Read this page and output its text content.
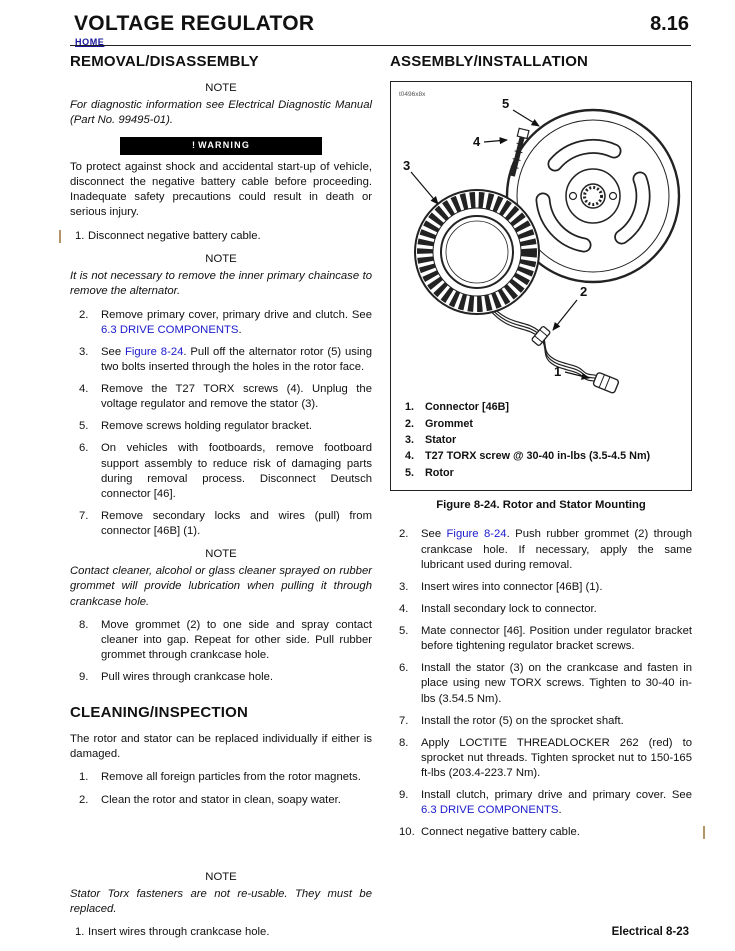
VOLTAGE REGULATOR	8.16
HOME
REMOVAL/DISASSEMBLY
NOTE
For diagnostic information see Electrical Diagnostic Manual (Part No. 99495-01).
! WARNING
To protect against shock and accidental start-up of vehicle, disconnect the negative battery cable before proceeding. Inadequate safety precautions could result in death or serious injury.
1. Disconnect negative battery cable.
NOTE
It is not necessary to remove the inner primary chaincase to remove the alternator.
2.	Remove primary cover, primary drive and clutch. See 6.3 DRIVE COMPONENTS.
3.	See Figure 8-24. Pull off the alternator rotor (5) using two bolts inserted through the holes in the rotor face.
4.	Remove the T27 TORX screws (4). Unplug the voltage regulator and remove the stator (3).
5.	Remove screws holding regulator bracket.
6.	On vehicles with footboards, remove footboard support assembly to reduce risk of damaging parts during removal process. Disconnect Deutsch connector [46].
7.	Remove secondary locks and wires (pull) from connector [46B] (1).
NOTE
Contact cleaner, alcohol or glass cleaner sprayed on rubber grommet will provide lubrication when pulling it through crankcase hole.
8.	Move grommet (2) to one side and spray contact cleaner into gap. Repeat for other side. Pull rubber grommet through crankcase hole.
9.	Pull wires through crankcase hole.
CLEANING/INSPECTION
The rotor and stator can be replaced individually if either is damaged.
1.	Remove all foreign particles from the rotor magnets.
2.	Clean the rotor and stator in clean, soapy water.
NOTE
Stator Torx fasteners are not re-usable. They must be replaced.
1. Insert wires through crankcase hole.
ASSEMBLY/INSTALLATION
t0496x8x
3
4
5
2
1
1.	Connector [46B]
2.	Grommet
3.	Stator
4.	T27 TORX screw @ 30-40 in-lbs (3.5-4.5 Nm)
5.	Rotor
Figure 8-24. Rotor and Stator Mounting
2.	See Figure 8-24. Push rubber grommet (2) through crankcase hole. If necessary, apply the same lubricant used during removal.
3.	Insert wires into connector [46B] (1).
4.	Install secondary lock to connector.
5.	Mate connector [46]. Position under regulator bracket before tightening regulator bracket screws.
6.	Install the stator (3) on the crankcase and fasten in place using new TORX screws. Tighten to 30-40 in-lbs (3.54.5 Nm).
7.	Install the rotor (5) on the sprocket shaft.
8.	Apply LOCTITE THREADLOCKER 262 (red) to sprocket nut threads. Tighten sprocket nut to 150-165 ft-lbs (203.4-223.7 Nm).
9.	Install clutch, primary drive and primary cover. See 6.3 DRIVE COMPONENTS.
10. Connect negative battery cable.
Electrical 8-23
